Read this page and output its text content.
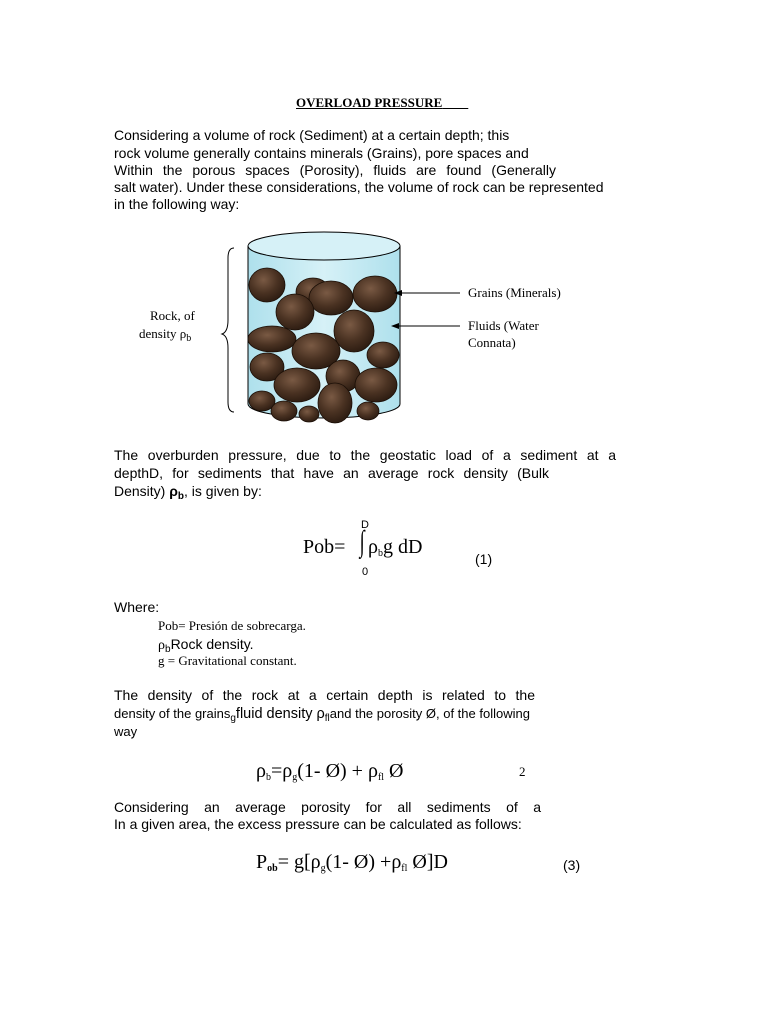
OVERLOAD PRESSURE
Considering a volume of rock (Sediment) at a certain depth; this
rock volume generally contains minerals (Grains), pore spaces and
Within the porous spaces (Porosity), fluids are found (Generally
salt water). Under these considerations, the volume of rock can be represented
in the following way:
Rock, of
density $\rho_b$
Grains (Minerals)
Fluids (Water
Connata)
The overburden pressure, due to the geostatic load of a sediment at a
depthD, for sediments that have an average rock density (Bulk
Density) $\rho_b$, is given by:
Pob=
D
∫ $\rho_bg$ dD
0
(1)
Where:
Pob= Presión de sobrecarga.
$\rho_bRock$ density.
g = Gravitational constant.
The density of the rock at a certain depth is related to the
density of the grains$_g$fluid density $\rho_{fl}and$ the porosity Ø, of the following
way
$\rho_b=\rho_g(1-$ Ø) + $\rho_{fl}$ Ø	2
Considering an average porosity for all sediments of a
In a given area, the excess pressure can be calculated as follows:
$P_{ob}= g[\rho_g(1-$ Ø) $+\rho_{fl}$ Ø]D	(3)
